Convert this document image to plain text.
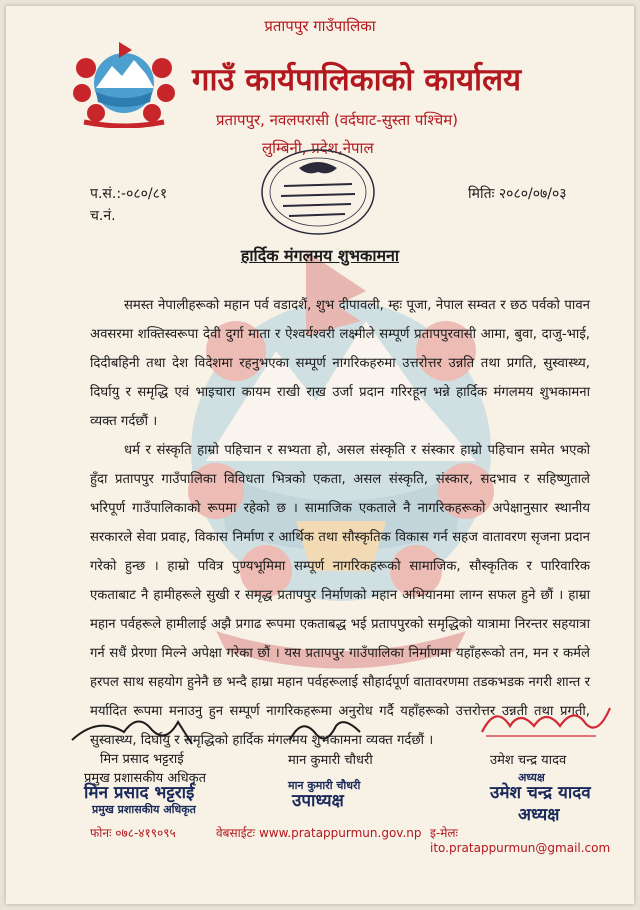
प्रतापपुर गाउँपालिका
गाउँ कार्यपालिकाको कार्यालय
प्रतापपुर, नवलपरासी (वर्दघाट-सुस्ता पश्चिम)
लुम्बिनी, प्रदेश,नेपाल
प.सं.:-०८०/८१
च.नं.
मितिः २०८०/०७/०३
हार्दिक मंगलमय शुभकामना
समस्त नेपालीहरूको महान पर्व वडादशैं, शुभ दीपावली, म्हः पूजा, नेपाल सम्वत र छठ पर्वको पावन अवसरमा शक्तिस्वरूपा देवी दुर्गा माता र ऐश्वर्यश्वरी लक्ष्मीले सम्पूर्ण प्रतापपुरवासी आमा, बुवा, दाजु-भाई, दिदीबहिनी तथा देश विदेशमा रहनुभएका सम्पूर्ण नागरिकहरुमा उत्तरोत्तर उन्नति तथा प्रगति, सुस्वास्थ्य, दिर्घायु र समृद्धि एवं भाइचारा कायम राखी राख उर्जा प्रदान गरिरहून भन्ने हार्दिक मंगलमय शुभकामना व्यक्त गर्दछौं ।
धर्म र संस्कृति हाम्रो पहिचान र सभ्यता हो, असल संस्कृति र संस्कार हाम्रो पहिचान समेत भएको हुँदा प्रतापपुर गाउँपालिका विविधता भित्रको एकता, असल संस्कृति, संस्कार, सदभाव र सहिष्णुताले भरिपूर्ण गाउँपालिकाको रूपमा रहेको छ । सामाजिक एकताले नै नागरिकहरूको अपेक्षानुसार स्थानीय सरकारले सेवा प्रवाह, विकास निर्माण र आर्थिक तथा सौस्कृतिक विकास गर्न सहज वातावरण सृजना प्रदान गरेको हुन्छ । हाम्रो पवित्र पुण्यभूमिमा सम्पूर्ण नागरिकहरूको सामाजिक, सौस्कृतिक र पारिवारिक एकताबाट नै हामीहरूले सुखी र समृद्ध प्रतापपुर निर्माणको महान अभियानमा लाग्न सफल हुने छौं । हाम्रा महान पर्वहरूले हामीलाई अझै प्रगाढ रूपमा एकताबद्ध भई प्रतापपुरको समृद्धिको यात्रामा निरन्तर सहयात्रा गर्न सधैं प्रेरणा मिल्ने अपेक्षा गरेका छौं । यस प्रतापपुर गाउँपालिका निर्माणमा यहाँहरूको तन, मन र कर्मले हरपल साथ सहयोग हुनेनै छ भन्दै हाम्रा महान पर्वहरूलाई सौहार्दपूर्ण वातावरणमा तडकभडक नगरी शान्त र मर्यादित रूपमा मनाउनु हुन सम्पूर्ण नागरिकहरूमा अनुरोध गर्दै यहाँहरूको उत्तरोत्तर उन्नती तथा प्रगती, सुस्वास्थ्य, दिर्घायु र समृद्धिको हार्दिक मंगलमय शुभकामना व्यक्त गर्दछौं ।
मिन प्रसाद भट्टराई
प्रमुख प्रशासकीय अधिकृत
मिन प्रसाद भट्टराई
प्रमुख प्रशासकीय अधिकृत
मान कुमारी चौधरी
मान कुमारी चौधरी
उपाध्यक्ष
उमेश चन्द्र यादव
अध्यक्ष
उमेश चन्द्र यादव
अध्यक्ष
फोनः ०७८-४१९०९५	वेबसाईटः www.pratappurmun.gov.np इ-मेलः ito.pratappurmun@gmail.com
